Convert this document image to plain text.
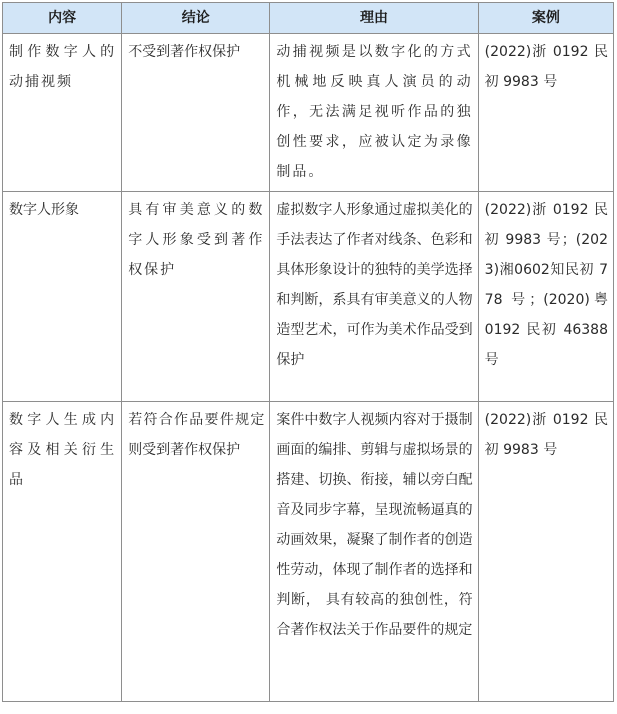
内容	结论	理由	案例
制作数字人的动捕视频	不受到著作权保护	动捕视频是以数字化的方式机械地反映真人演员的动作，无法满足视听作品的独创性要求，应被认定为录像制品。	(2022)浙 0192 民初 9983 号
数字人形象	具有审美意义的数字人形象受到著作权保护	虚拟数字人形象通过虚拟美化的手法表达了作者对线条、色彩和具体形象设计的独特的美学选择和判断，系具有审美意义的人物造型艺术，可作为美术作品受到保护	(2022)浙 0192 民初 9983 号；(2023)湘0602知民初 778 号；(2020)粤 0192 民初 46388 号
数字人生成内容及相关衍生品	若符合作品要件规定则受到著作权保护	案件中数字人视频内容对于摄制画面的编排、剪辑与虚拟场景的搭建、切换、衔接，辅以旁白配音及同步字幕，呈现流畅逼真的动画效果，凝聚了制作者的创造性劳动，体现了制作者的选择和判断， 具有较高的独创性，符合著作权法关于作品要件的规定	(2022)浙 0192 民初 9983 号
